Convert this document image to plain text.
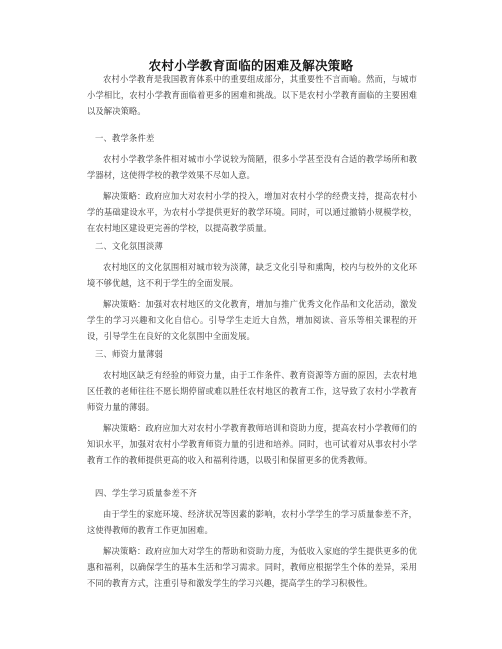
农村小学教育面临的困难及解决策略

农村小学教育是我国教育体系中的重要组成部分，其重要性不言而喻。然而，与城市小学相比，农村小学教育面临着更多的困难和挑战。以下是农村小学教育面临的主要困难以及解决策略。

一、教学条件差

农村小学教学条件相对城市小学说较为简陋，很多小学甚至没有合适的教学场所和教学器材，这使得学校的教学效果不尽如人意。

解决策略：政府应加大对农村小学的投入，增加对农村小学的经费支持，提高农村小学的基础建设水平，为农村小学提供更好的教学环境。同时，可以通过撤销小规模学校，在农村地区建设更完善的学校，以提高教学质量。

二、文化氛围淡薄

农村地区的文化氛围相对城市较为淡薄，缺乏文化引导和熏陶，校内与校外的文化环境不够优越，这不利于学生的全面发展。

解决策略：加强对农村地区的文化教育，增加与推广优秀文化作品和文化活动，激发学生的学习兴趣和文化自信心。引导学生走近大自然，增加阅读、音乐等相关课程的开设，引导学生在良好的文化氛围中全面发展。

三、师资力量薄弱

农村地区缺乏有经验的师资力量，由于工作条件、教育资源等方面的原因，去农村地区任教的老师往往不愿长期停留或难以胜任农村地区的教育工作，这导致了农村小学教育师资力量的薄弱。

解决策略：政府应加大对农村小学教育教师培训和资助力度，提高农村小学教师们的知识水平，加强对农村小学教育师资力量的引进和培养。同时，也可试着对从事农村小学教育工作的教师提供更高的收入和福利待遇，以吸引和保留更多的优秀教师。

四、学生学习质量参差不齐

由于学生的家庭环境、经济状况等因素的影响，农村小学学生的学习质量参差不齐，这使得教师的教育工作更加困难。

解决策略：政府应加大对学生的帮助和资助力度，为低收入家庭的学生提供更多的优惠和福利，以确保学生的基本生活和学习需求。同时，教师应根据学生个体的差异，采用不同的教育方式，注重引导和激发学生的学习兴趣，提高学生的学习积极性。
